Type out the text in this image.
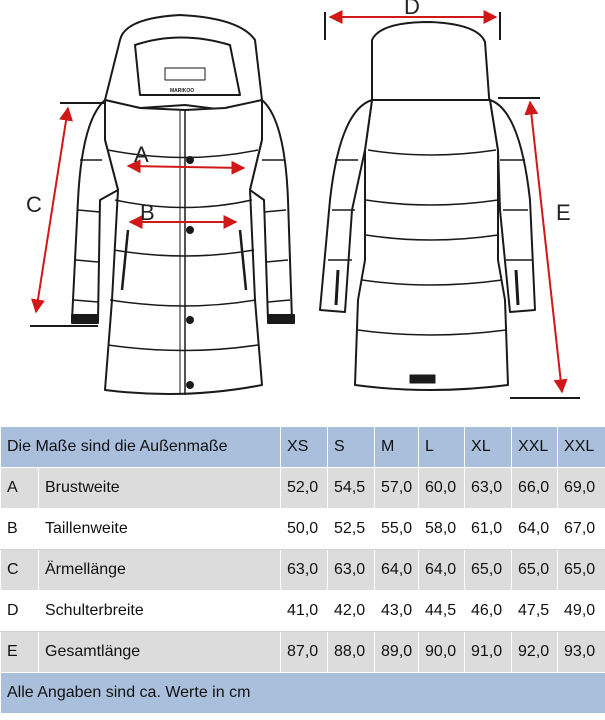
MARIKOO
A
B
C
D
E
Die Maße sind die Außenmaße		XS	S	M	L	XL	XXL	XXL
A	Brustweite	52,0	54,5	57,0	60,0	63,0	66,0	69,0
B	Taillenweite	50,0	52,5	55,0	58,0	61,0	64,0	67,0
C	Ärmellänge	63,0	63,0	64,0	64,0	65,0	65,0	65,0
D	Schulterbreite	41,0	42,0	43,0	44,5	46,0	47,5	49,0
E	Gesamtlänge	87,0	88,0	89,0	90,0	91,0	92,0	93,0
Alle Angaben sind ca. Werte in cm								
